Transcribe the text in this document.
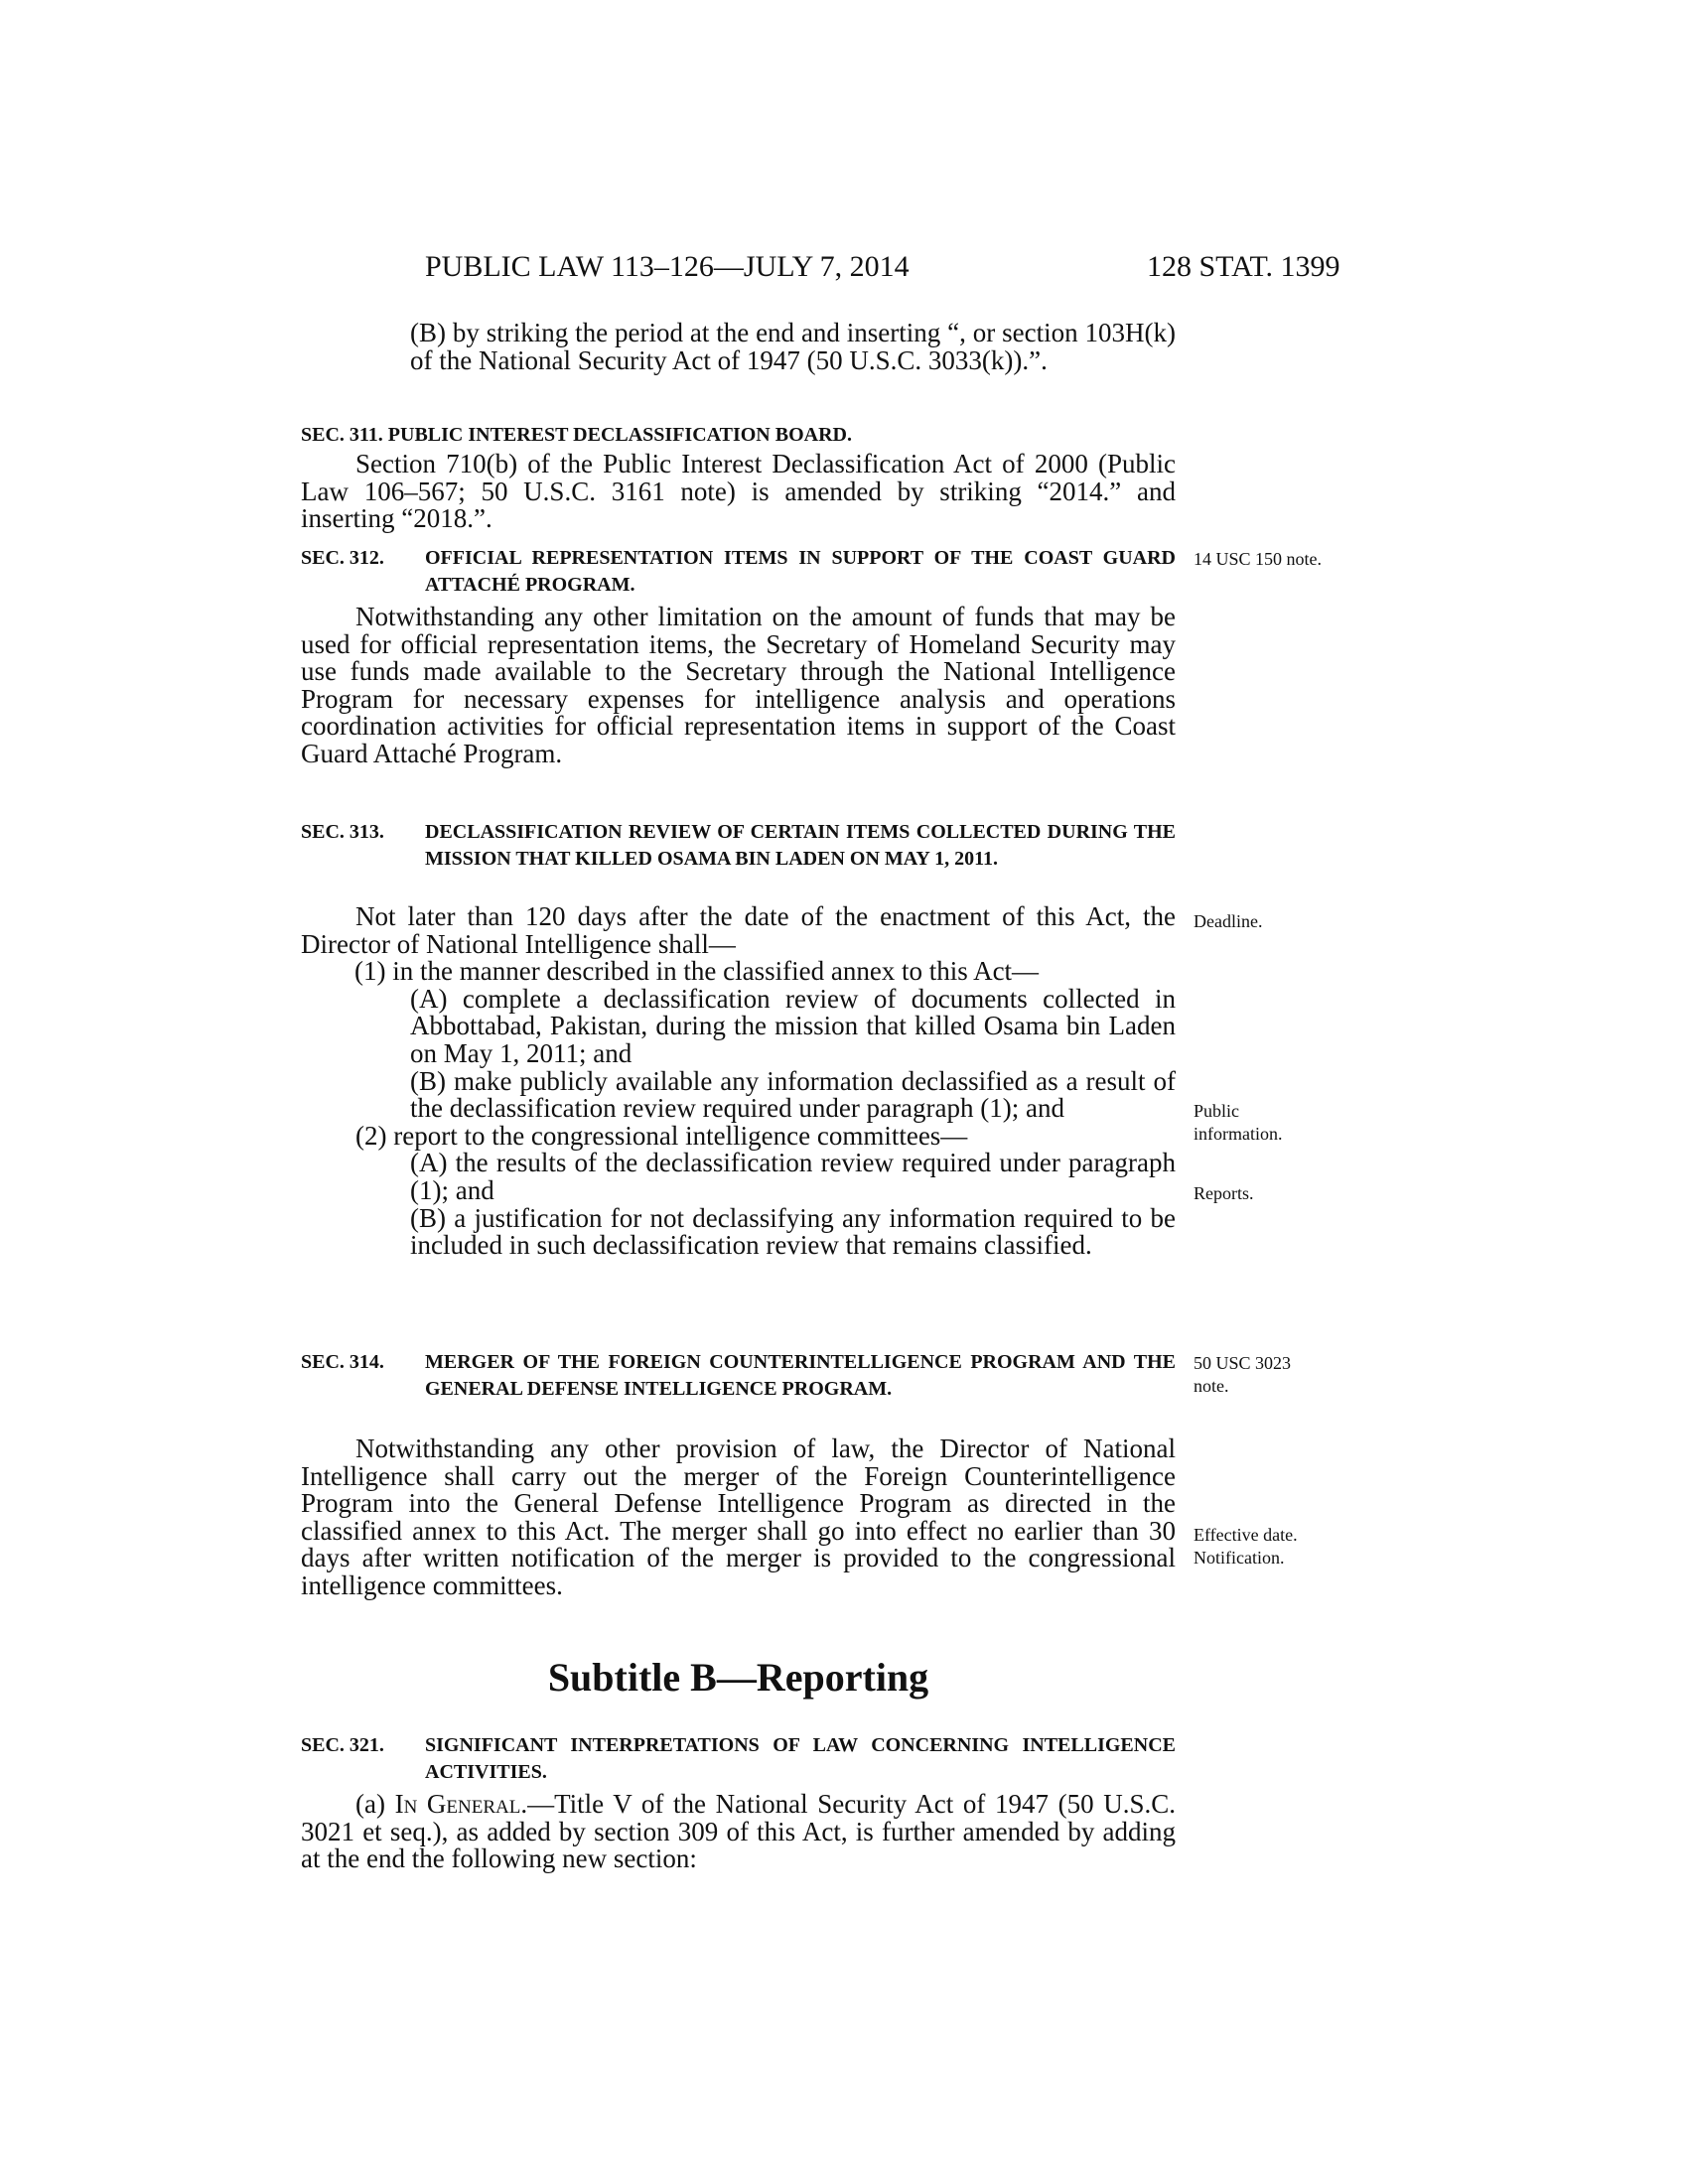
PUBLIC LAW 113–126—JULY 7, 2014	128 STAT. 1399

(B) by striking the period at the end and inserting “, or section 103H(k) of the National Security Act of 1947 (50 U.S.C. 3033(k)).”.

SEC. 311. PUBLIC INTEREST DECLASSIFICATION BOARD.

Section 710(b) of the Public Interest Declassification Act of 2000 (Public Law 106–567; 50 U.S.C. 3161 note) is amended by striking “2014.” and inserting “2018.”.

SEC. 312. OFFICIAL REPRESENTATION ITEMS IN SUPPORT OF THE COAST GUARD ATTACHÉ PROGRAM.
14 USC 150 note.

Notwithstanding any other limitation on the amount of funds that may be used for official representation items, the Secretary of Homeland Security may use funds made available to the Secretary through the National Intelligence Program for necessary expenses for intelligence analysis and operations coordination activities for official representation items in support of the Coast Guard Attaché Program.

SEC. 313. DECLASSIFICATION REVIEW OF CERTAIN ITEMS COLLECTED DURING THE MISSION THAT KILLED OSAMA BIN LADEN ON MAY 1, 2011.

Not later than 120 days after the date of the enactment of this Act, the Director of National Intelligence shall—

(1) in the manner described in the classified annex to this Act—

(A) complete a declassification review of documents collected in Abbottabad, Pakistan, during the mission that killed Osama bin Laden on May 1, 2011; and

(B) make publicly available any information declassified as a result of the declassification review required under paragraph (1); and

(2) report to the congressional intelligence committees—

(A) the results of the declassification review required under paragraph (1); and

(B) a justification for not declassifying any information required to be included in such declassification review that remains classified.

Deadline.
Public
information.
Reports.
SEC. 314. MERGER OF THE FOREIGN COUNTERINTELLIGENCE PROGRAM AND THE GENERAL DEFENSE INTELLIGENCE PROGRAM.
50 USC 3023
note.

Notwithstanding any other provision of law, the Director of National Intelligence shall carry out the merger of the Foreign Counterintelligence Program into the General Defense Intelligence Program as directed in the classified annex to this Act. The merger shall go into effect no earlier than 30 days after written notification of the merger is provided to the congressional intelligence committees.

Effective date.
Notification.
Subtitle B—Reporting
SEC. 321. SIGNIFICANT INTERPRETATIONS OF LAW CONCERNING INTELLIGENCE ACTIVITIES.

(a) In General.—Title V of the National Security Act of 1947 (50 U.S.C. 3021 et seq.), as added by section 309 of this Act, is further amended by adding at the end the following new section:
